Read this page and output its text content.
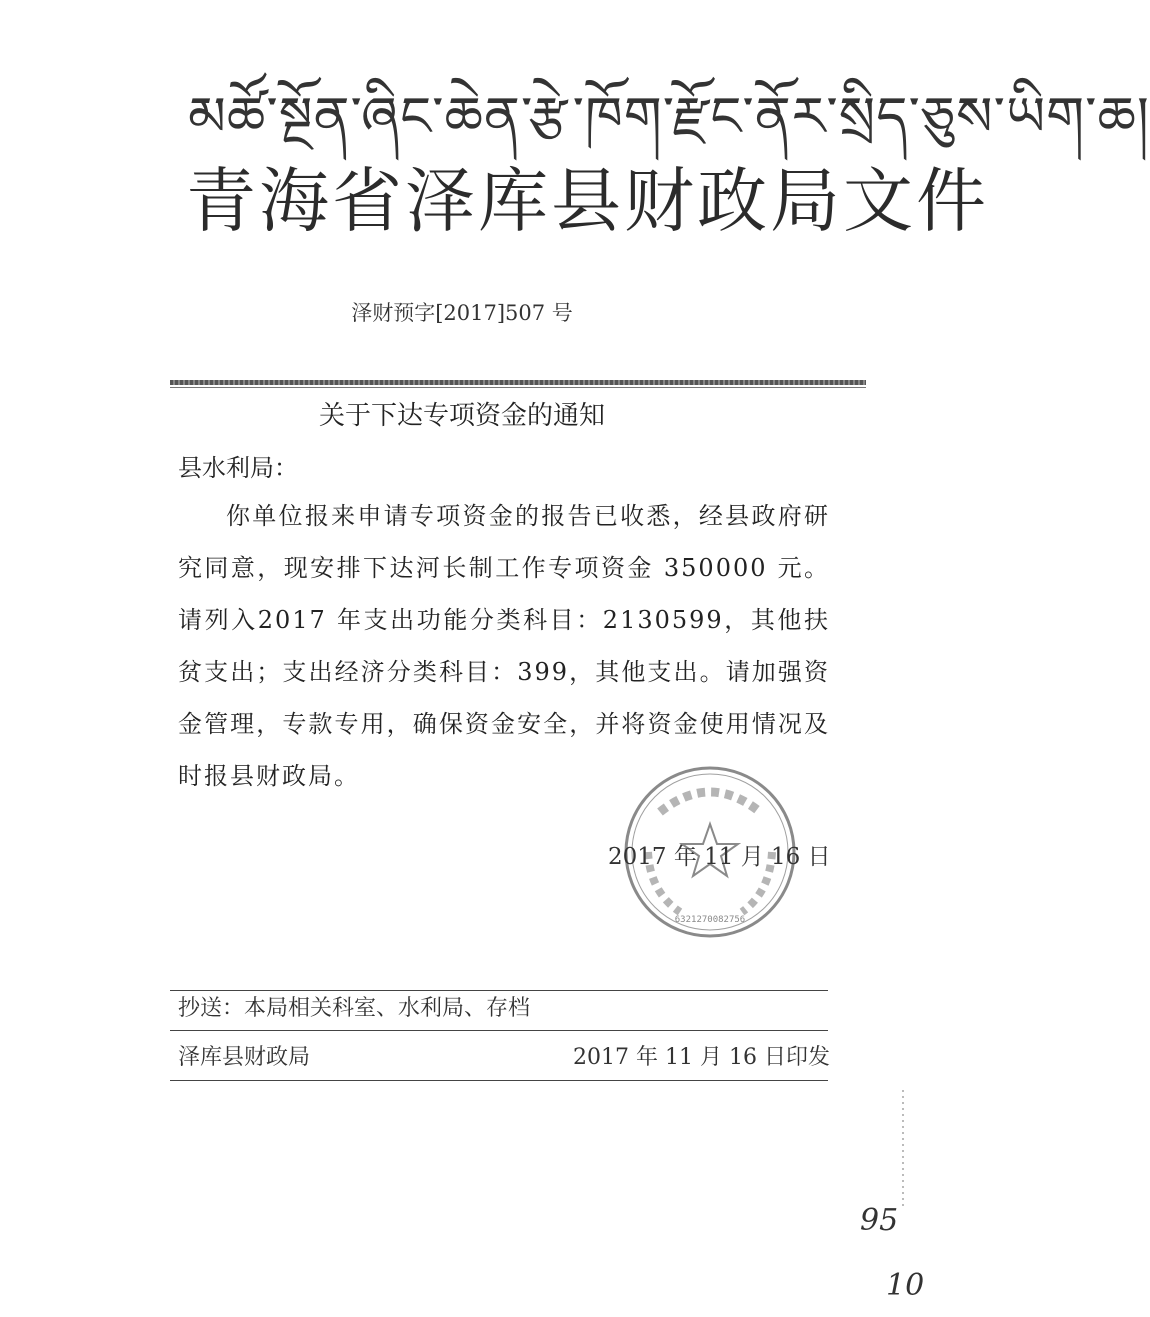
མཚོ་སྔོན་ཞིང་ཆེན་རྩེ་ཁོག་རྫོང་ནོར་སྲིད་ཅུས་ཡིག་ཆ།
青海省泽库县财政局文件
泽财预字[2017]507 号
关于下达专项资金的通知
县水利局：
你单位报来申请专项资金的报告已收悉，经县政府研究同意，现安排下达河长制工作专项资金 350000 元。请列入2017 年支出功能分类科目：2130599，其他扶贫支出；支出经济分类科目：399，其他支出。请加强资金管理，专款专用，确保资金安全，并将资金使用情况及时报县财政局。
6321270082756
2017 年 11 月 16 日
抄送：本局相关科室、水利局、存档
泽库县财政局	2017 年 11 月 16 日印发
95
10
